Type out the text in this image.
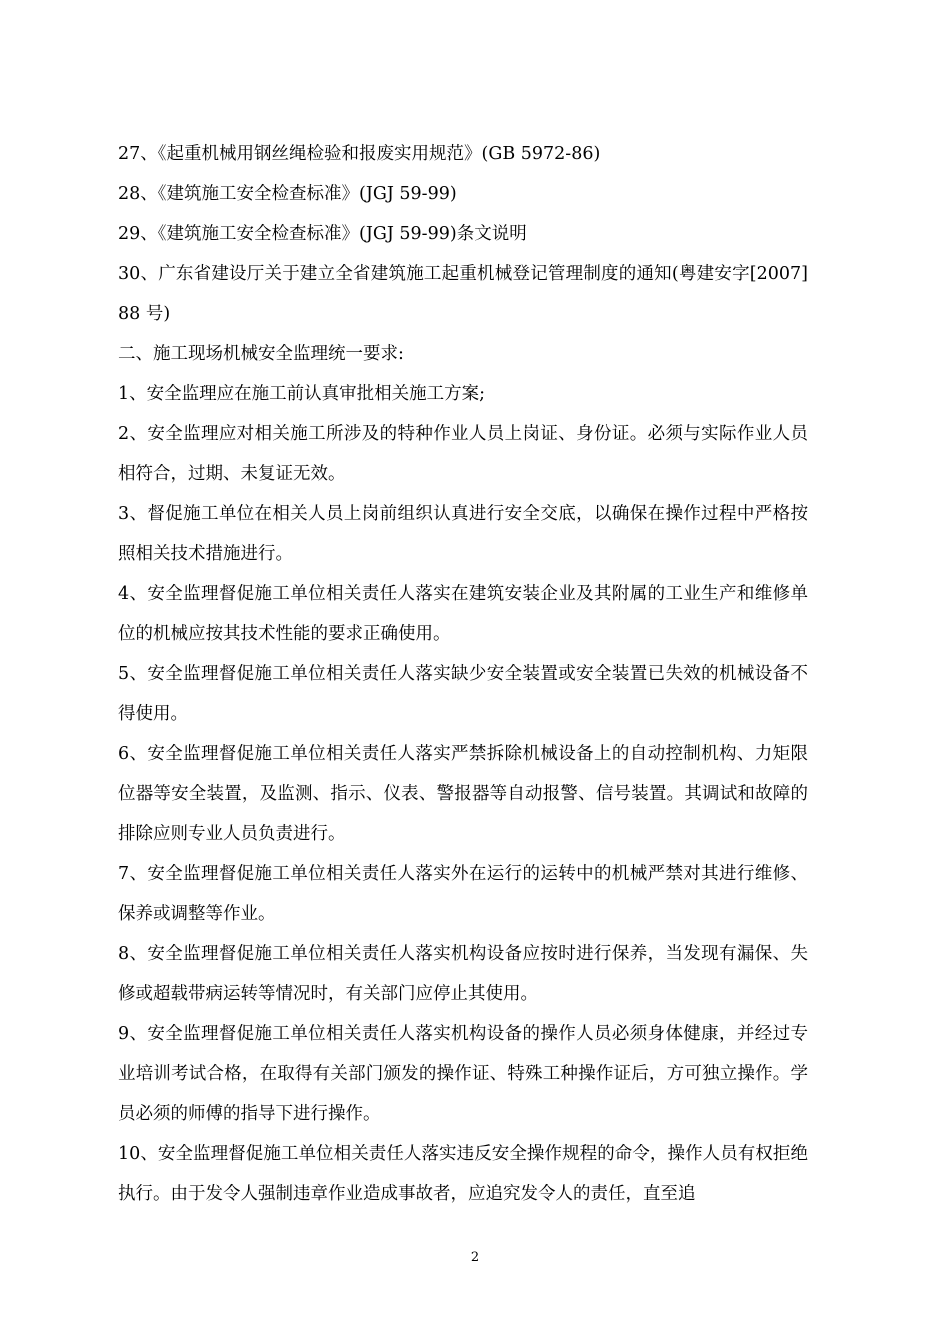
27、《起重机械用钢丝绳检验和报废实用规范》(GB 5972-86)

28、《建筑施工安全检查标准》(JGJ 59-99)

29、《建筑施工安全检查标准》(JGJ 59-99)条文说明

30、广东省建设厅关于建立全省建筑施工起重机械登记管理制度的通知(粤建安字[2007]88 号)

二、施工现场机械安全监理统一要求:

1、安全监理应在施工前认真审批相关施工方案;

2、安全监理应对相关施工所涉及的特种作业人员上岗证、身份证。必须与实际作业人员相符合，过期、未复证无效。

3、督促施工单位在相关人员上岗前组织认真进行安全交底，以确保在操作过程中严格按照相关技术措施进行。

4、安全监理督促施工单位相关责任人落实在建筑安装企业及其附属的工业生产和维修单位的机械应按其技术性能的要求正确使用。

5、安全监理督促施工单位相关责任人落实缺少安全装置或安全装置已失效的机械设备不得使用。

6、安全监理督促施工单位相关责任人落实严禁拆除机械设备上的自动控制机构、力矩限位器等安全装置，及监测、指示、仪表、警报器等自动报警、信号装置。其调试和故障的排除应则专业人员负责进行。

7、安全监理督促施工单位相关责任人落实外在运行的运转中的机械严禁对其进行维修、保养或调整等作业。

8、安全监理督促施工单位相关责任人落实机构设备应按时进行保养，当发现有漏保、失修或超载带病运转等情况时，有关部门应停止其使用。

9、安全监理督促施工单位相关责任人落实机构设备的操作人员必须身体健康，并经过专业培训考试合格，在取得有关部门颁发的操作证、特殊工种操作证后，方可独立操作。学员必须的师傅的指导下进行操作。

10、安全监理督促施工单位相关责任人落实违反安全操作规程的命令，操作人员有权拒绝执行。由于发令人强制违章作业造成事故者，应追究发令人的责任，直至追

2
